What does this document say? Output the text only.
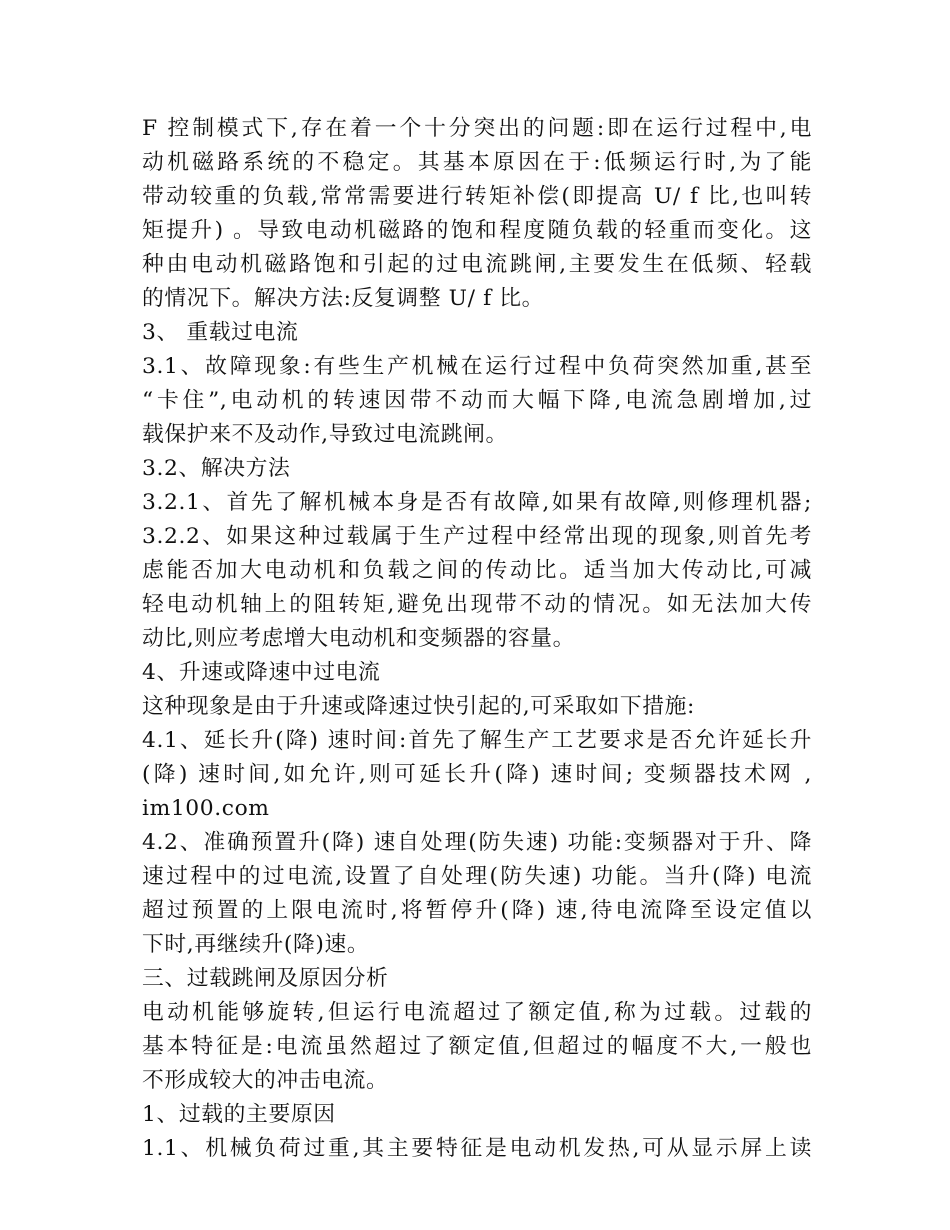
F 控制模式下,存在着一个十分突出的问题:即在运行过程中,电
动机磁路系统的不稳定。其基本原因在于:低频运行时,为了能
带动较重的负载,常常需要进行转矩补偿(即提高 U/ f 比,也叫转
矩提升) 。导致电动机磁路的饱和程度随负载的轻重而变化。这
种由电动机磁路饱和引起的过电流跳闸,主要发生在低频、轻载
的情况下。解决方法:反复调整 U/ f 比。
3、 重载过电流
3.1、故障现象:有些生产机械在运行过程中负荷突然加重,甚至
“卡住”,电动机的转速因带不动而大幅下降,电流急剧增加,过
载保护来不及动作,导致过电流跳闸。
3.2、解决方法
3.2.1、首先了解机械本身是否有故障,如果有故障,则修理机器;
3.2.2、如果这种过载属于生产过程中经常出现的现象,则首先考
虑能否加大电动机和负载之间的传动比。适当加大传动比,可减
轻电动机轴上的阻转矩,避免出现带不动的情况。如无法加大传
动比,则应考虑增大电动机和变频器的容量。
4、升速或降速中过电流
这种现象是由于升速或降速过快引起的,可采取如下措施:
4.1、延长升(降) 速时间:首先了解生产工艺要求是否允许延长升
(降) 速时间,如允许,则可延长升(降) 速时间; 变频器技术网 ,
im100.com
4.2、准确预置升(降) 速自处理(防失速) 功能:变频器对于升、降
速过程中的过电流,设置了自处理(防失速) 功能。当升(降) 电流
超过预置的上限电流时,将暂停升(降) 速,待电流降至设定值以
下时,再继续升(降)速。
三、过载跳闸及原因分析
电动机能够旋转,但运行电流超过了额定值,称为过载。过载的
基本特征是:电流虽然超过了额定值,但超过的幅度不大,一般也
不形成较大的冲击电流。
1、过载的主要原因
1.1、机械负荷过重,其主要特征是电动机发热,可从显示屏上读
